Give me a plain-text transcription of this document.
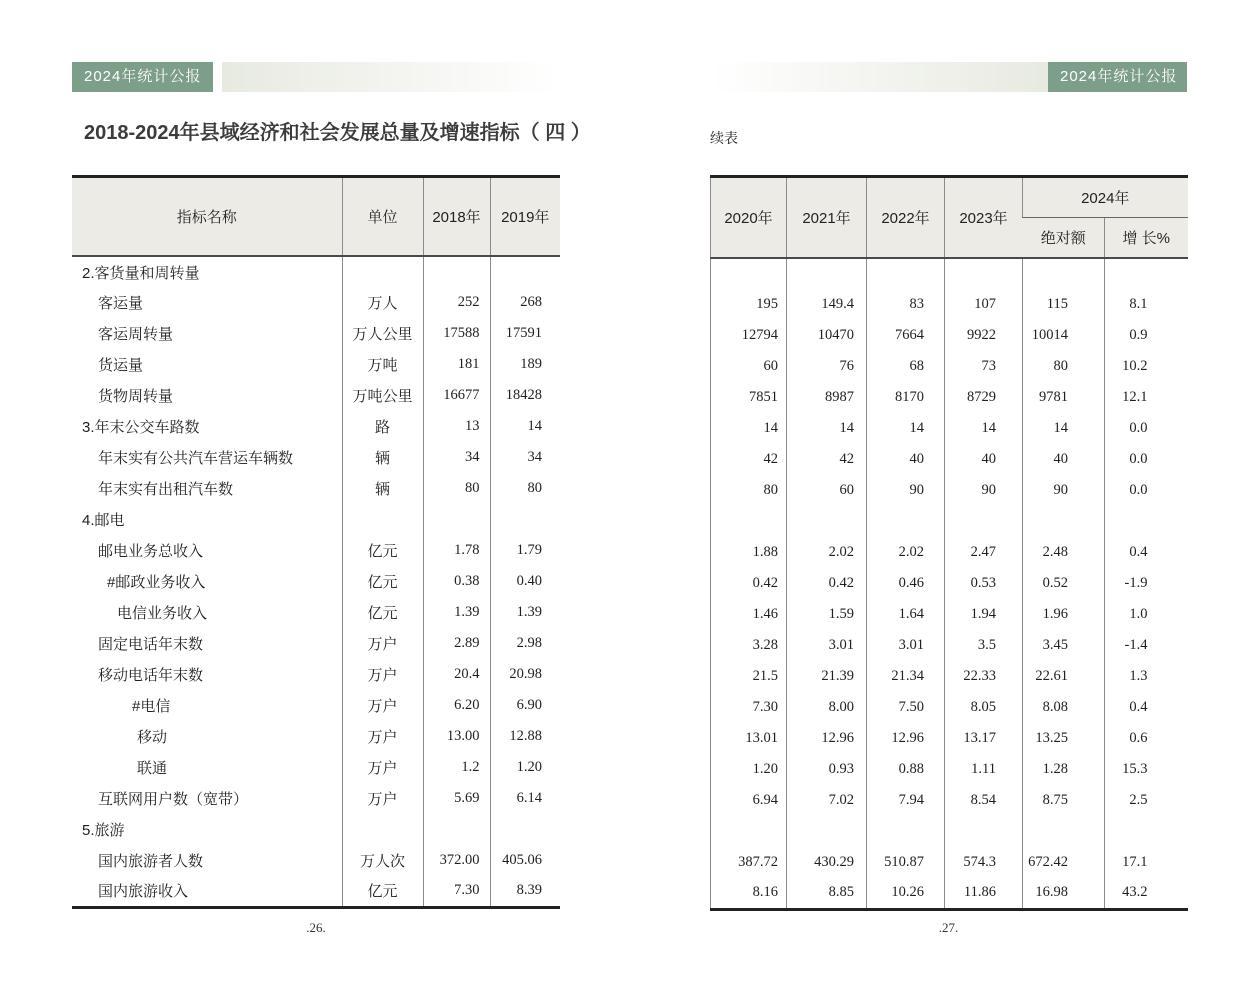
2024年统计公报	2024年统计公报
2018-2024年县域经济和社会发展总量及增速指标（ 四 ）	续表
指标名称	单位	2018年	2019年
2.客货量和周转量			
客运量	万人	252	268
客运周转量	万人公里	17588	17591
货运量	万吨	181	189
货物周转量	万吨公里	16677	18428
3.年末公交车路数	路	13	14
年末实有公共汽车营运车辆数	辆	34	34
年末实有出租汽车数	辆	80	80
4.邮电			
邮电业务总收入	亿元	1.78	1.79
#邮政业务收入	亿元	0.38	0.40
电信业务收入	亿元	1.39	1.39
固定电话年末数	万户	2.89	2.98
移动电话年末数	万户	20.4	20.98
#电信	万户	6.20	6.90
移动	万户	13.00	12.88
联通	万户	1.2	1.20
互联网用户数（宽带）	万户	5.69	6.14
5.旅游			
国内旅游者人数	万人次	372.00	405.06
国内旅游收入	亿元	7.30	8.39
2020年	2021年	2022年	2023年	2024年	
				绝对额	增 长%

195	149.4	83	107	115	8.1
12794	10470	7664	9922	10014	0.9
60	76	68	73	80	10.2
7851	8987	8170	8729	9781	12.1
14	14	14	14	14	0.0
42	42	40	40	40	0.0
80	60	90	90	90	0.0

1.88	2.02	2.02	2.47	2.48	0.4
0.42	0.42	0.46	0.53	0.52	-1.9
1.46	1.59	1.64	1.94	1.96	1.0
3.28	3.01	3.01	3.5	3.45	-1.4
21.5	21.39	21.34	22.33	22.61	1.3
7.30	8.00	7.50	8.05	8.08	0.4
13.01	12.96	12.96	13.17	13.25	0.6
1.20	0.93	0.88	1.11	1.28	15.3
6.94	7.02	7.94	8.54	8.75	2.5

387.72	430.29	510.87	574.3	672.42	17.1
8.16	8.85	10.26	11.86	16.98	43.2
.26.	.27.
